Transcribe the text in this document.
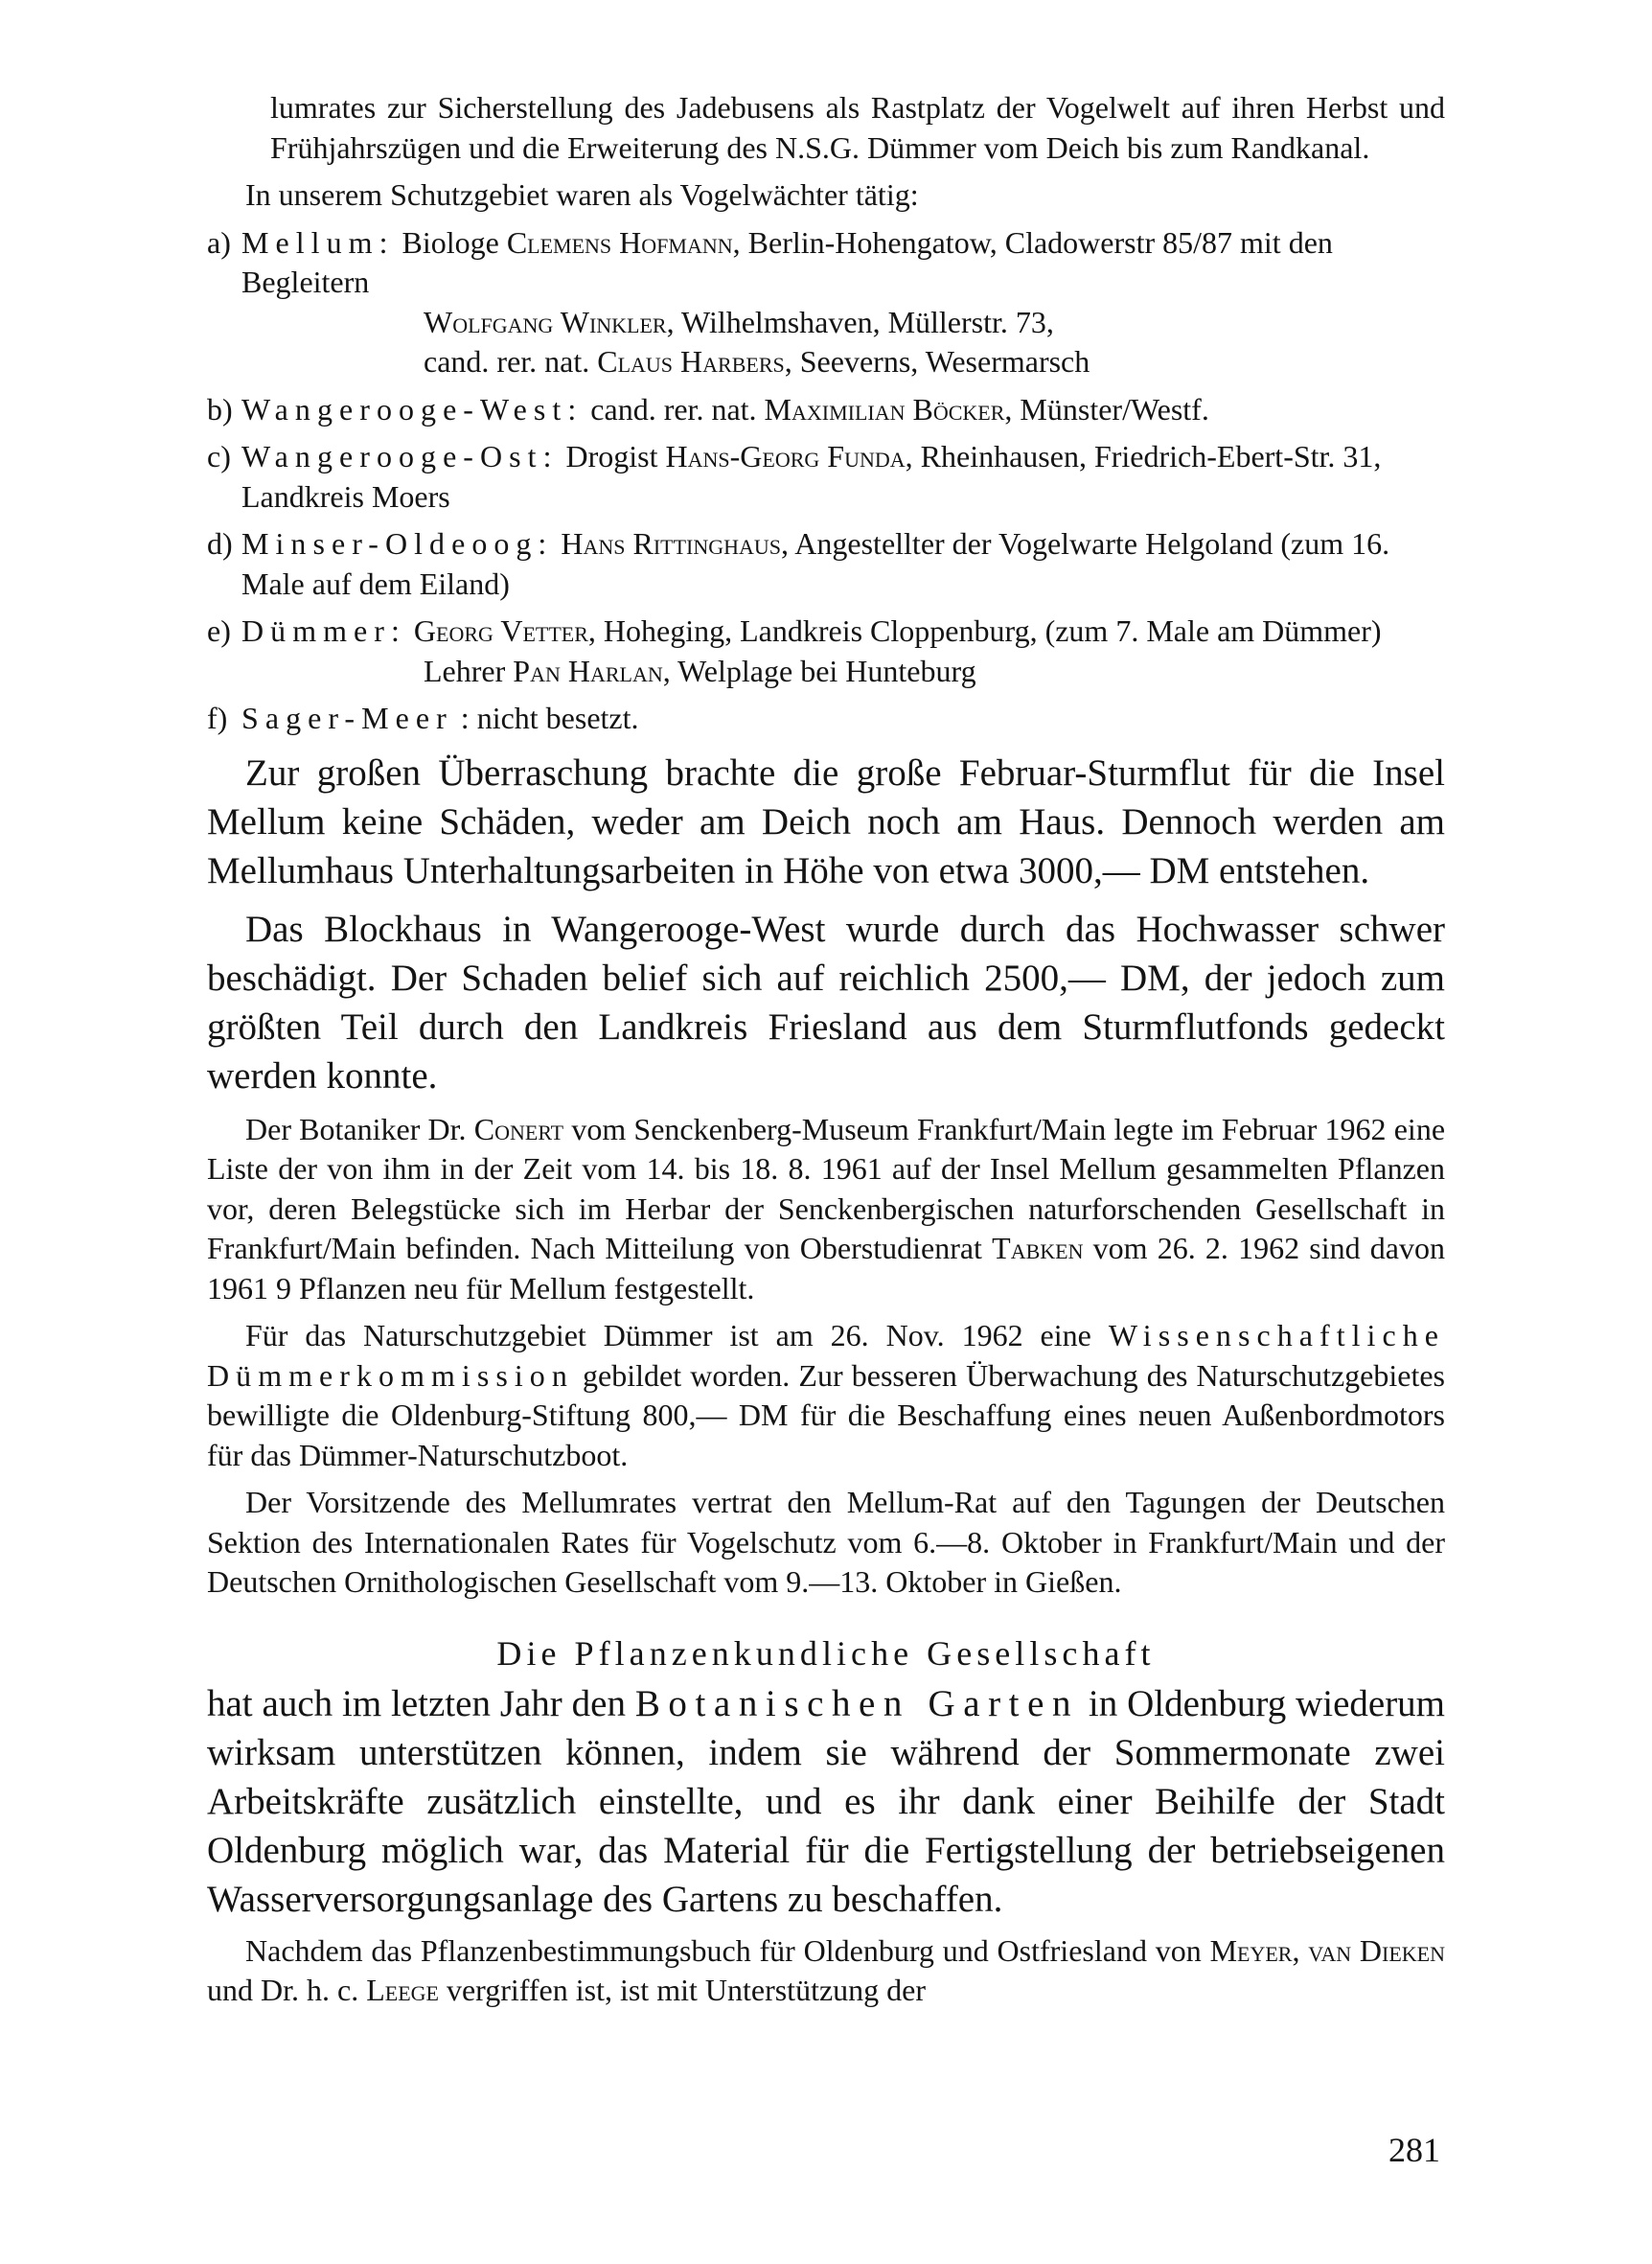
lumrates zur Sicherstellung des Jadebusens als Rastplatz der Vogelwelt auf ihren Herbst und Frühjahrszügen und die Erweiterung des N.S.G. Dümmer vom Deich bis zum Randkanal.

In unserem Schutzgebiet waren als Vogelwächter tätig:

a) Mellum: Biologe Clemens Hofmann, Berlin-Hohengatow, Cladowerstr 85/87 mit den Begleitern
Wolfgang Winkler, Wilhelmshaven, Müllerstr. 73,
cand. rer. nat. Claus Harbers, Seeverns, Wesermarsch
b) Wangerooge-West: cand. rer. nat. Maximilian Böcker, Münster/Westf.
c) Wangerooge-Ost: Drogist Hans-Georg Funda, Rheinhausen, Friedrich-Ebert-Str. 31, Landkreis Moers
d) Minser-Oldeoog: Hans Rittinghaus, Angestellter der Vogelwarte Helgoland (zum 16. Male auf dem Eiland)
e) Dümmer: Georg Vetter, Hoheging, Landkreis Cloppenburg, (zum 7. Male am Dümmer)
Lehrer Pan Harlan, Welplage bei Hunteburg
f) Sager-Meer : nicht besetzt.

Zur großen Überraschung brachte die große Februar-Sturmflut für die Insel Mellum keine Schäden, weder am Deich noch am Haus. Dennoch werden am Mellumhaus Unterhaltungsarbeiten in Höhe von etwa 3000,— DM entstehen.

Das Blockhaus in Wangerooge-West wurde durch das Hochwasser schwer beschädigt. Der Schaden belief sich auf reichlich 2500,— DM, der jedoch zum größten Teil durch den Landkreis Friesland aus dem Sturmflutfonds gedeckt werden konnte.

Der Botaniker Dr. Conert vom Senckenberg-Museum Frankfurt/Main legte im Februar 1962 eine Liste der von ihm in der Zeit vom 14. bis 18. 8. 1961 auf der Insel Mellum gesammelten Pflanzen vor, deren Belegstücke sich im Herbar der Senckenbergischen naturforschenden Gesellschaft in Frankfurt/Main befinden. Nach Mitteilung von Oberstudienrat Tabken vom 26. 2. 1962 sind davon 1961 9 Pflanzen neu für Mellum festgestellt.

Für das Naturschutzgebiet Dümmer ist am 26. Nov. 1962 eine Wissenschaftliche Dümmerkommission gebildet worden. Zur besseren Überwachung des Naturschutzgebietes bewilligte die Oldenburg-Stiftung 800,— DM für die Beschaffung eines neuen Außenbordmotors für das Dümmer-Naturschutzboot.

Der Vorsitzende des Mellumrates vertrat den Mellum-Rat auf den Tagungen der Deutschen Sektion des Internationalen Rates für Vogelschutz vom 6.—8. Oktober in Frankfurt/Main und der Deutschen Ornithologischen Gesellschaft vom 9.—13. Oktober in Gießen.

Die Pflanzenkundliche Gesellschaft

hat auch im letzten Jahr den Botanischen Garten in Oldenburg wiederum wirksam unterstützen können, indem sie während der Sommermonate zwei Arbeitskräfte zusätzlich einstellte, und es ihr dank einer Beihilfe der Stadt Oldenburg möglich war, das Material für die Fertigstellung der betriebseigenen Wasserversorgungsanlage des Gartens zu beschaffen.

Nachdem das Pflanzenbestimmungsbuch für Oldenburg und Ostfriesland von Meyer, van Dieken und Dr. h. c. Leege vergriffen ist, ist mit Unterstützung der

281
